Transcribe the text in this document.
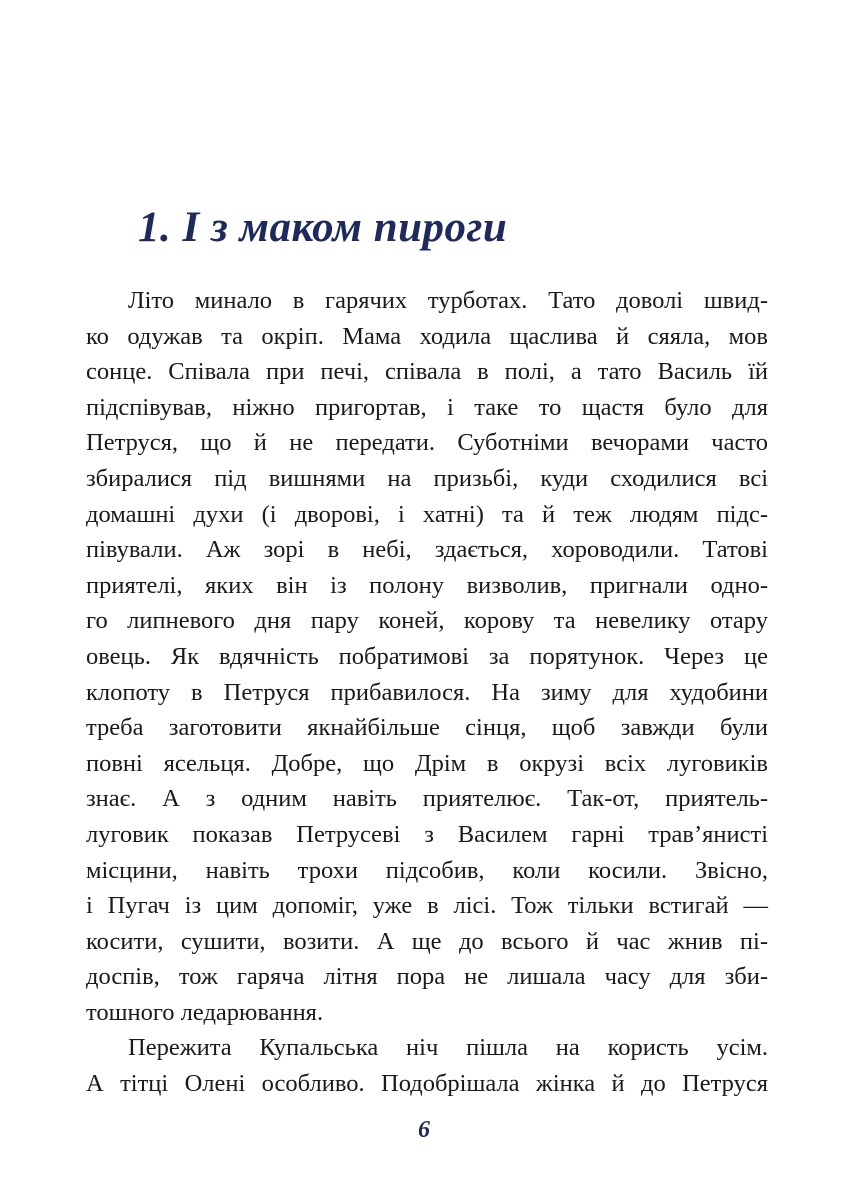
1. І з маком пироги
Літо минало в гарячих турботах. Тато доволі швид-
ко одужав та окріп. Мама ходила щаслива й сяяла, мов
сонце. Співала при печі, співала в полі, а тато Василь їй
підспівував, ніжно пригортав, і таке то щастя було для
Петруся, що й не передати. Суботніми вечорами часто
збиралися під вишнями на призьбі, куди сходилися всі
домашні духи (і дворові, і хатні) та й теж людям підс-
півували. Аж зорі в небі, здається, хороводили. Татові
приятелі, яких він із полону визволив, пригнали одно-
го липневого дня пару коней, корову та невелику отару
овець. Як вдячність побратимові за порятунок. Через це
клопоту в Петруся прибавилося. На зиму для худобини
треба заготовити якнайбільше сінця, щоб завжди були
повні ясельця. Добре, що Дрім в окрузі всіх луговиків
знає. А з одним навіть приятелює. Так-от, приятель-
луговик показав Петрусеві з Василем гарні трав’янисті
місцини, навіть трохи підсобив, коли косили. Звісно,
і Пугач із цим допоміг, уже в лісі. Тож тільки встигай —
косити, сушити, возити. А ще до всього й час жнив пі-
доспів, тож гаряча літня пора не лишала часу для зби-
тошного ледарювання.
Пережита Купальська ніч пішла на користь усім.
А тітці Олені особливо. Подобрішала жінка й до Петруся
6
